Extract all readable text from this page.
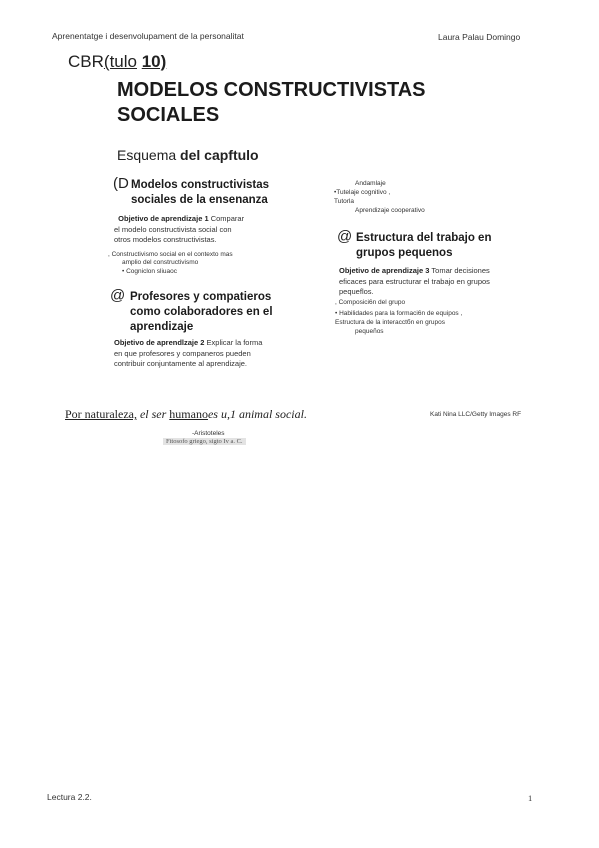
Aprenentatge i desenvolupament de la personalitat	Laura Palau Domingo
CBR(tulo 10)
MODELOS CONSTRUCTIVISTAS
SOCIALES
Esquema del capftulo
(D Modelos constructivistas
sociales de la ensenanza
Objetivo de aprendizaje 1 Comparar
el modelo constructivista social con
otros modelos constructivistas.
, Constructivismo social en el contexto mas
amplio del constructivismo
• Cogniclon sliuaoc
@ Profesores y compatieros
como colaboradores en el
aprendizaje
Objetivo de aprendlzaje 2 Explicar la forma
en que profesores y companeros pueden
contribuir conjuntamente al aprendizaje.
Andamlaje
•Tutelaje cognitivo ,
Tutorla
Aprendizaje cooperativo
@ Estructura del trabajo en
grupos pequenos
Objetivo de aprendizaje 3 Tomar decisiones
eficaces para estructurar el trabajo en grupos
pequeflos.
, Composici6n del grupo
• Habilidades para la formaci6n de equipos ,
Estructura de la interacctбn en grupos
pequeños
Por naturaleza, el ser humanoes u,1 animal social.	Kati Nina LLC/Getty Images RF
-Aristoteles
Fitosofo griego, sigto Iv a. C.
Lectura 2.2.	1
